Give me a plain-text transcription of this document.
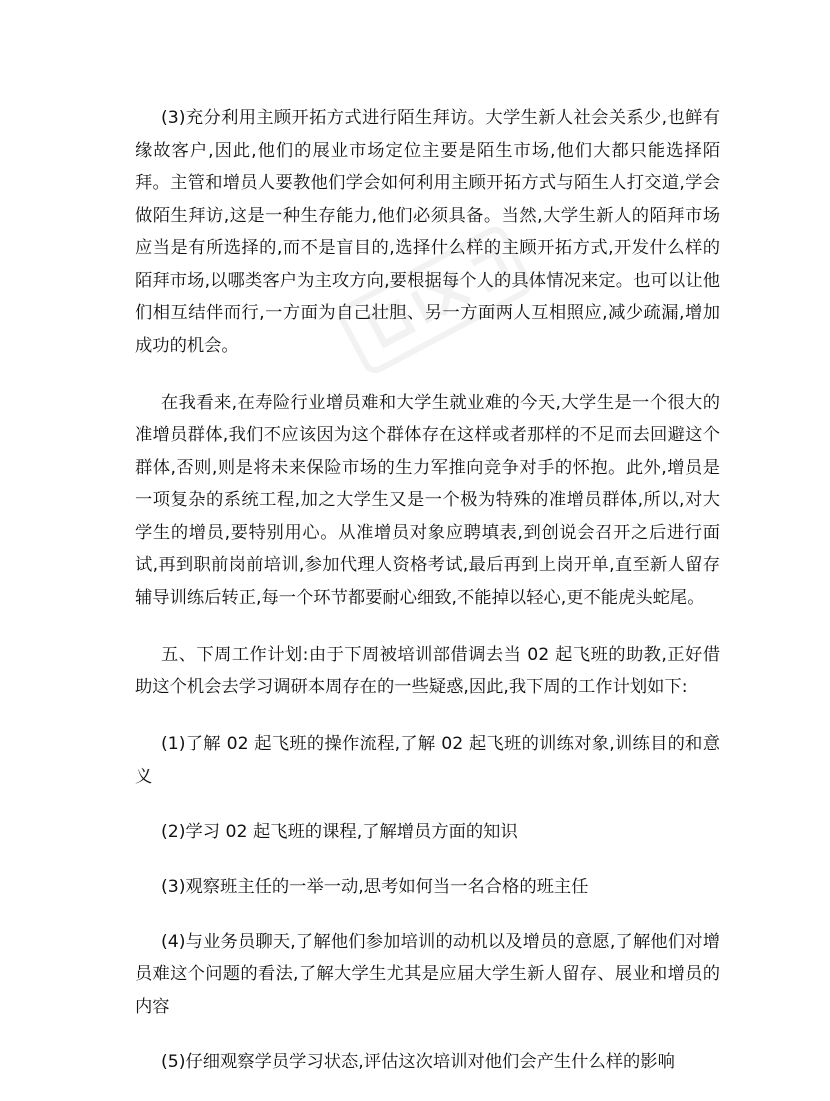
(3)充分利用主顾开拓方式进行陌生拜访。大学生新人社会关系少,也鲜有缘故客户,因此,他们的展业市场定位主要是陌生市场,他们大都只能选择陌拜。主管和增员人要教他们学会如何利用主顾开拓方式与陌生人打交道,学会做陌生拜访,这是一种生存能力,他们必须具备。当然,大学生新人的陌拜市场应当是有所选择的,而不是盲目的,选择什么样的主顾开拓方式,开发什么样的陌拜市场,以哪类客户为主攻方向,要根据每个人的具体情况来定。也可以让他们相互结伴而行,一方面为自己壮胆、另一方面两人互相照应,减少疏漏,增加成功的机会。

在我看来,在寿险行业增员难和大学生就业难的今天,大学生是一个很大的准增员群体,我们不应该因为这个群体存在这样或者那样的不足而去回避这个群体,否则,则是将未来保险市场的生力军推向竞争对手的怀抱。此外,增员是一项复杂的系统工程,加之大学生又是一个极为特殊的准增员群体,所以,对大学生的增员,要特别用心。从准增员对象应聘填表,到创说会召开之后进行面试,再到职前岗前培训,参加代理人资格考试,最后再到上岗开单,直至新人留存辅导训练后转正,每一个环节都要耐心细致,不能掉以轻心,更不能虎头蛇尾。

五、下周工作计划:由于下周被培训部借调去当 02 起飞班的助教,正好借助这个机会去学习调研本周存在的一些疑惑,因此,我下周的工作计划如下:

(1)了解 02 起飞班的操作流程,了解 02 起飞班的训练对象,训练目的和意义

(2)学习 02 起飞班的课程,了解增员方面的知识

(3)观察班主任的一举一动,思考如何当一名合格的班主任

(4)与业务员聊天,了解他们参加培训的动机以及增员的意愿,了解他们对增员难这个问题的看法,了解大学生尤其是应届大学生新人留存、展业和增员的内容

(5)仔细观察学员学习状态,评估这次培训对他们会产生什么样的影响
